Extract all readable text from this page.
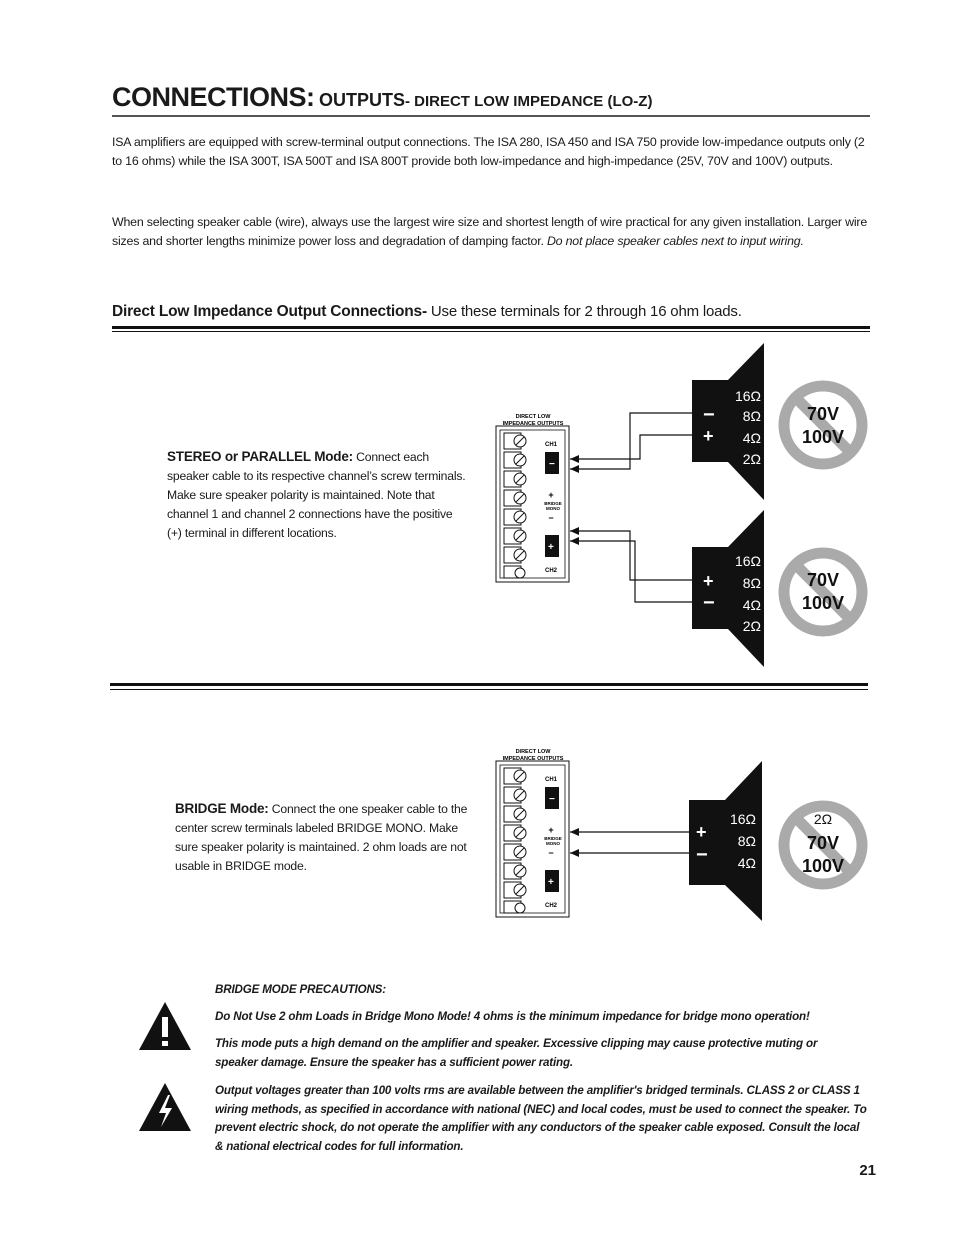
CONNECTIONS: OUTPUTS- DIRECT LOW IMPEDANCE (LO-Z)
ISA amplifiers are equipped with screw-terminal output connections. The ISA 280, ISA 450 and ISA 750 provide low-impedance outputs only (2 to 16 ohms) while the ISA 300T, ISA 500T and ISA 800T provide both low-impedance and high-impedance (25V, 70V and 100V) outputs.
When selecting speaker cable (wire), always use the largest wire size and shortest length of wire practical for any given installation. Larger wire sizes and shorter lengths minimize power loss and degradation of damping factor. Do not place speaker cables next to input wiring.
Direct Low Impedance Output Connections- Use these terminals for 2 through 16 ohm loads.
STEREO or PARALLEL Mode: Connect each speaker cable to its respective channel’s screw terminals. Make sure speaker polarity is maintained. Note that channel 1 and channel 2 connections have the positive (+) terminal in different locations.
DIRECT LOW
IMPEDANCE OUTPUTS
CH1
−
+
BRIDGE
MONO
−
+
CH2
−
+
16Ω
8Ω
4Ω
2Ω
70V
100V
+
−
16Ω
8Ω
4Ω
2Ω
70V
100V
BRIDGE Mode: Connect the one speaker cable to the center screw terminals labeled BRIDGE MONO. Make sure speaker polarity is maintained. 2 ohm loads are not usable in BRIDGE mode.
DIRECT LOW
IMPEDANCE OUTPUTS
CH1
−
+
BRIDGE
MONO
−
+
CH2
+
−
16Ω
8Ω
4Ω
2Ω
70V
100V
BRIDGE MODE PRECAUTIONS:
Do Not Use 2 ohm Loads in Bridge Mono Mode! 4 ohms is the minimum impedance for bridge mono operation!
This mode puts a high demand on the amplifier and speaker. Excessive clipping may cause protective muting or speaker damage. Ensure the speaker has a sufficient power rating.
Output voltages greater than 100 volts rms are available between the amplifier's bridged terminals. CLASS 2 or CLASS 1 wiring methods, as specified in accordance with national (NEC) and local codes, must be used to connect the speaker. To prevent electric shock, do not operate the amplifier with any conductors of the speaker cable exposed. Consult the local & national electrical codes for full information.
21
